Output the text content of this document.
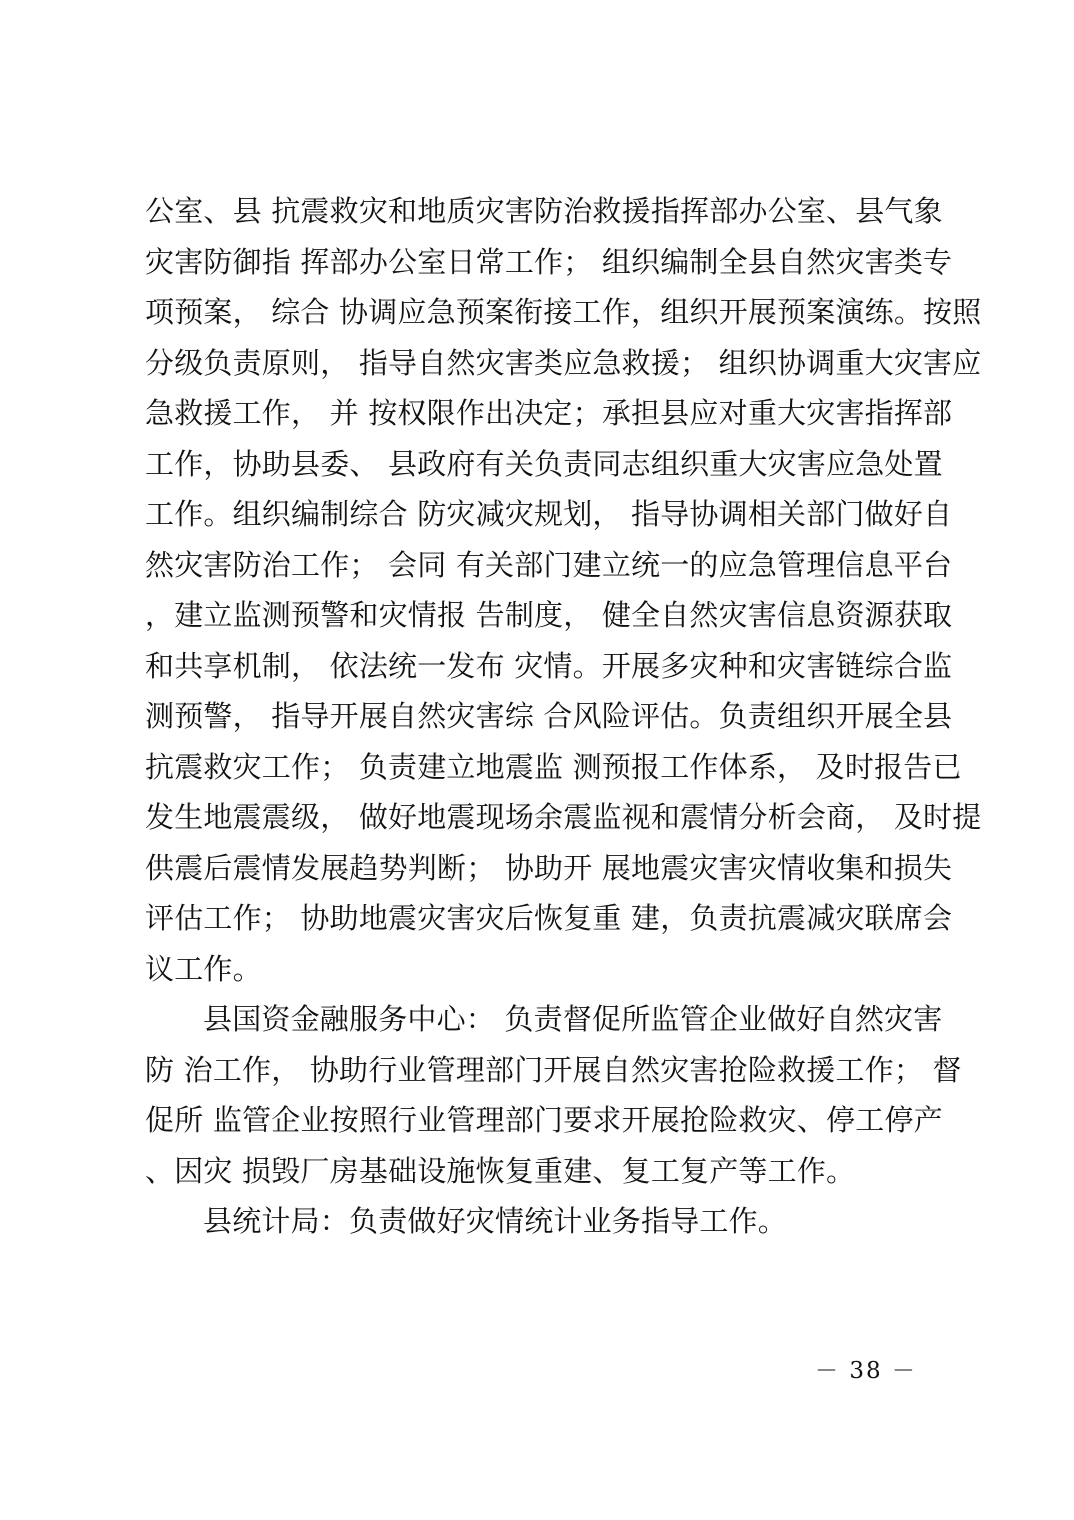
公室、县 抗震救灾和地质灾害防治救援指挥部办公室、县气象
灾害防御指 挥部办公室日常工作； 组织编制全县自然灾害类专
项预案， 综合 协调应急预案衔接工作，组织开展预案演练。按照
分级负责原则， 指导自然灾害类应急救援； 组织协调重大灾害应
急救援工作， 并 按权限作出决定；承担县应对重大灾害指挥部
工作，协助县委、 县政府有关负责同志组织重大灾害应急处置
工作。组织编制综合 防灾减灾规划， 指导协调相关部门做好自
然灾害防治工作； 会同 有关部门建立统一的应急管理信息平台
，建立监测预警和灾情报 告制度， 健全自然灾害信息资源获取
和共享机制， 依法统一发布 灾情。开展多灾种和灾害链综合监
测预警， 指导开展自然灾害综 合风险评估。负责组织开展全县
抗震救灾工作； 负责建立地震监 测预报工作体系， 及时报告已
发生地震震级， 做好地震现场余震监视和震情分析会商， 及时提
供震后震情发展趋势判断； 协助开 展地震灾害灾情收集和损失
评估工作； 协助地震灾害灾后恢复重 建，负责抗震减灾联席会
议工作。
县国资金融服务中心： 负责督促所监管企业做好自然灾害
防 治工作， 协助行业管理部门开展自然灾害抢险救援工作； 督
促所 监管企业按照行业管理部门要求开展抢险救灾、停工停产
、因灾 损毁厂房基础设施恢复重建、复工复产等工作。
县统计局：负责做好灾情统计业务指导工作。
－ 38 －
